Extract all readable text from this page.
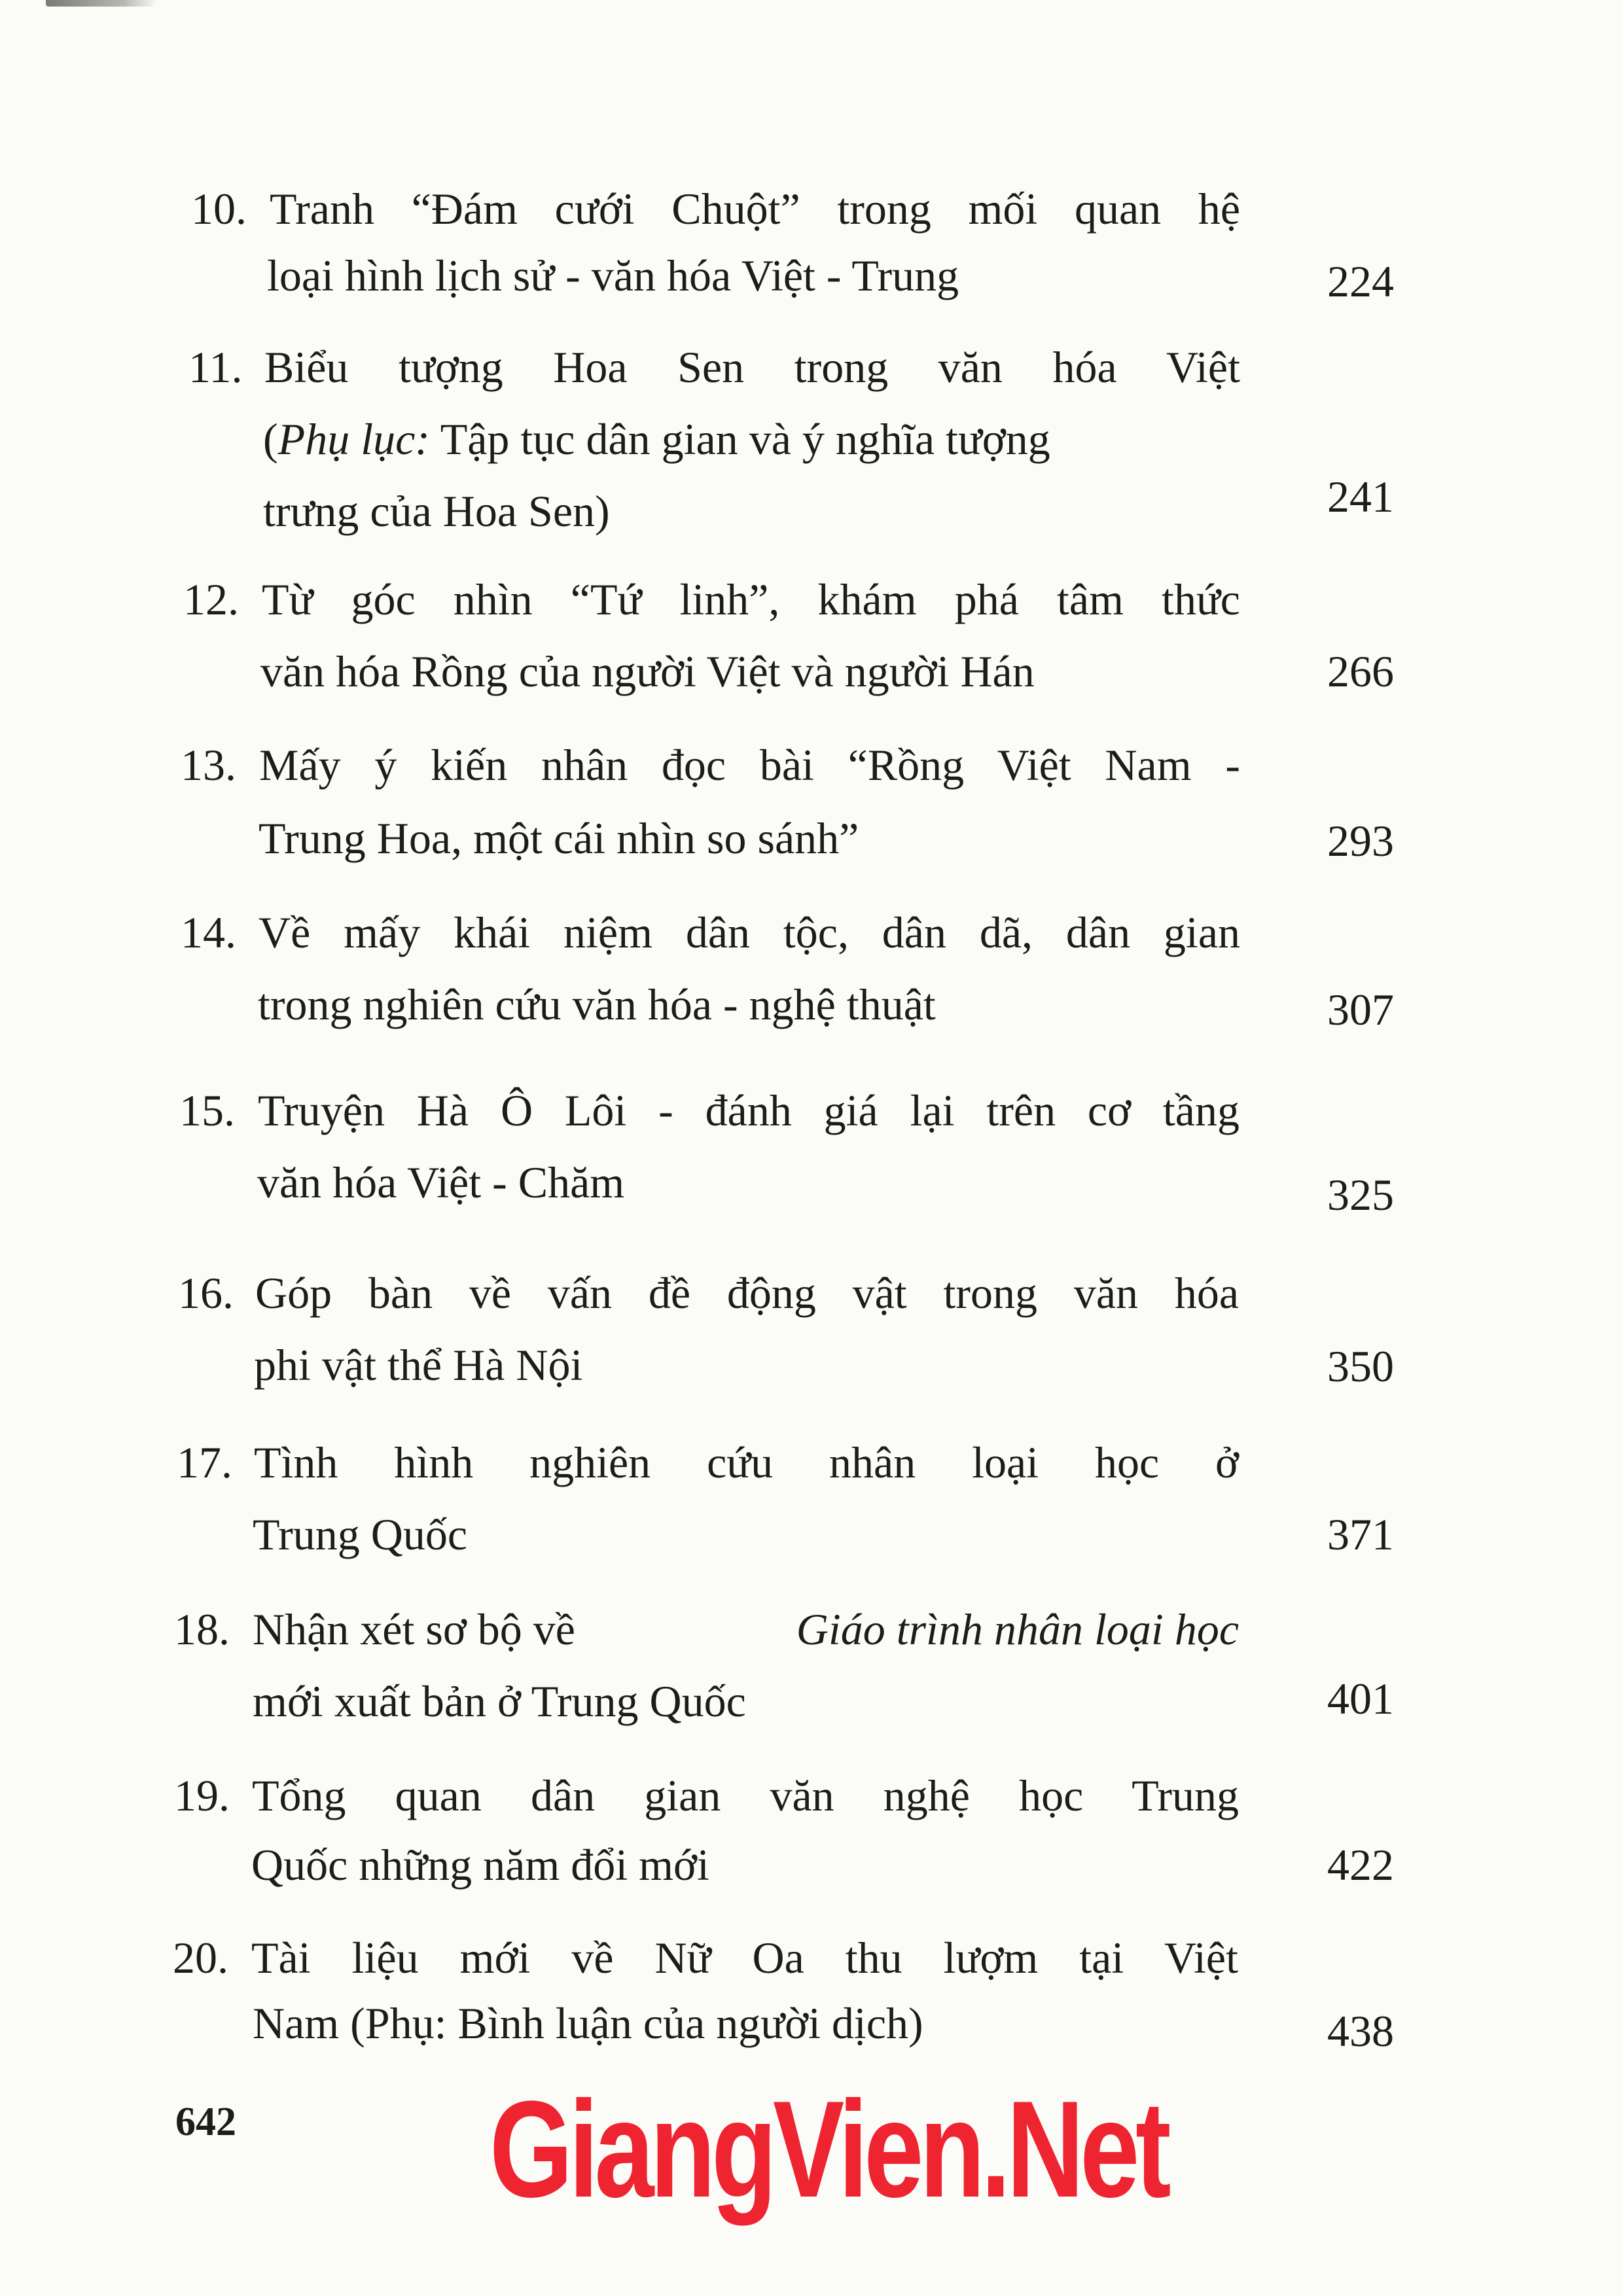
10. Tranh “Đám cưới Chuột” trong mối quan hệ
loại hình lịch sử - văn hóa Việt - Trung	224
11. Biểu tượng Hoa Sen trong văn hóa Việt
(Phụ lục: Tập tục dân gian và ý nghĩa tượng
trưng của Hoa Sen)	241
12. Từ góc nhìn “Tứ linh”, khám phá tâm thức
văn hóa Rồng của người Việt và người Hán	266
13. Mấy ý kiến nhân đọc bài “Rồng Việt Nam -
Trung Hoa, một cái nhìn so sánh”	293
14. Về mấy khái niệm dân tộc, dân dã, dân gian
trong nghiên cứu văn hóa - nghệ thuật	307
15. Truyện Hà Ô Lôi - đánh giá lại trên cơ tầng
văn hóa Việt - Chăm	325
16. Góp bàn về vấn đề động vật trong văn hóa
phi vật thể Hà Nội	350
17. Tình hình nghiên cứu nhân loại học ở
Trung Quốc	371
18. Nhận xét sơ bộ về	Giáo trình nhân loại học
mới xuất bản ở Trung Quốc	401
19. Tổng quan dân gian văn nghệ học Trung
Quốc những năm đổi mới	422
20. Tài liệu mới về Nữ Oa thu lượm tại Việt
Nam (Phụ: Bình luận của người dịch)	438
642 GiangVien.Net
